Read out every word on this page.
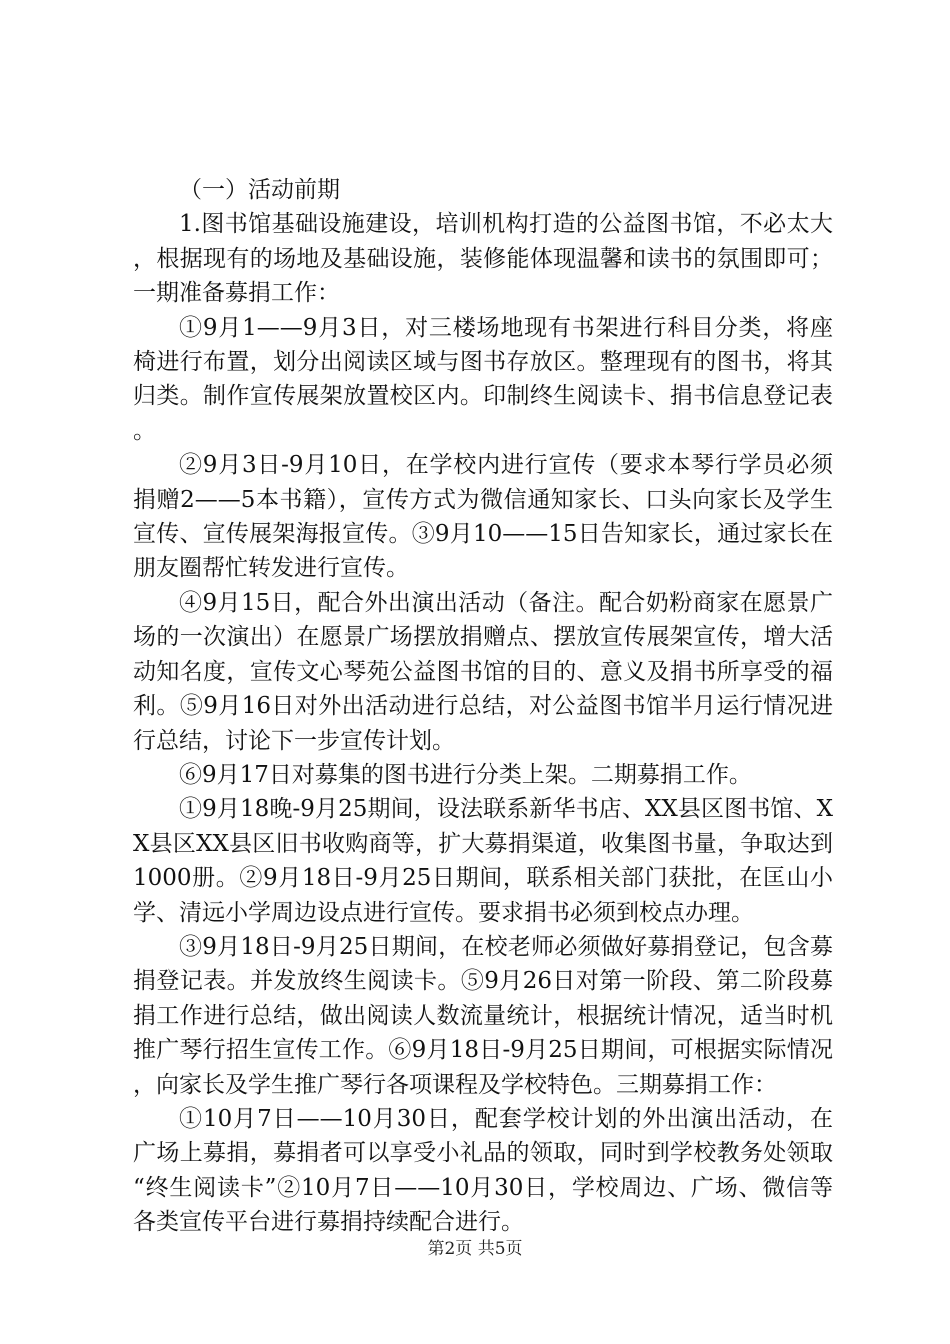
（一）活动前期

1.图书馆基础设施建设，培训机构打造的公益图书馆，不必太大，根据现有的场地及基础设施，装修能体现温馨和读书的氛围即可；一期准备募捐工作：

①9月1——9月3日，对三楼场地现有书架进行科目分类，将座椅进行布置，划分出阅读区域与图书存放区。整理现有的图书，将其归类。制作宣传展架放置校区内。印制终生阅读卡、捐书信息登记表。

②9月3日-9月10日，在学校内进行宣传（要求本琴行学员必须捐赠2——5本书籍），宣传方式为微信通知家长、口头向家长及学生宣传、宣传展架海报宣传。③9月10——15日告知家长，通过家长在朋友圈帮忙转发进行宣传。

④9月15日，配合外出演出活动（备注。配合奶粉商家在愿景广场的一次演出）在愿景广场摆放捐赠点、摆放宣传展架宣传，增大活动知名度，宣传文心琴苑公益图书馆的目的、意义及捐书所享受的福利。⑤9月16日对外出活动进行总结，对公益图书馆半月运行情况进行总结，讨论下一步宣传计划。

⑥9月17日对募集的图书进行分类上架。二期募捐工作。

①9月18晚-9月25期间，设法联系新华书店、XX县区图书馆、XX县区XX县区旧书收购商等，扩大募捐渠道，收集图书量，争取达到1000册。②9月18日-9月25日期间，联系相关部门获批，在匡山小学、清远小学周边设点进行宣传。要求捐书必须到校点办理。

③9月18日-9月25日期间，在校老师必须做好募捐登记，包含募捐登记表。并发放终生阅读卡。⑤9月26日对第一阶段、第二阶段募捐工作进行总结，做出阅读人数流量统计，根据统计情况，适当时机推广琴行招生宣传工作。⑥9月18日-9月25日期间，可根据实际情况，向家长及学生推广琴行各项课程及学校特色。三期募捐工作：

①10月7日——10月30日，配套学校计划的外出演出活动，在广场上募捐，募捐者可以享受小礼品的领取，同时到学校教务处领取“终生阅读卡”②10月7日——10月30日，学校周边、广场、微信等各类宣传平台进行募捐持续配合进行。

第2页 共5页
